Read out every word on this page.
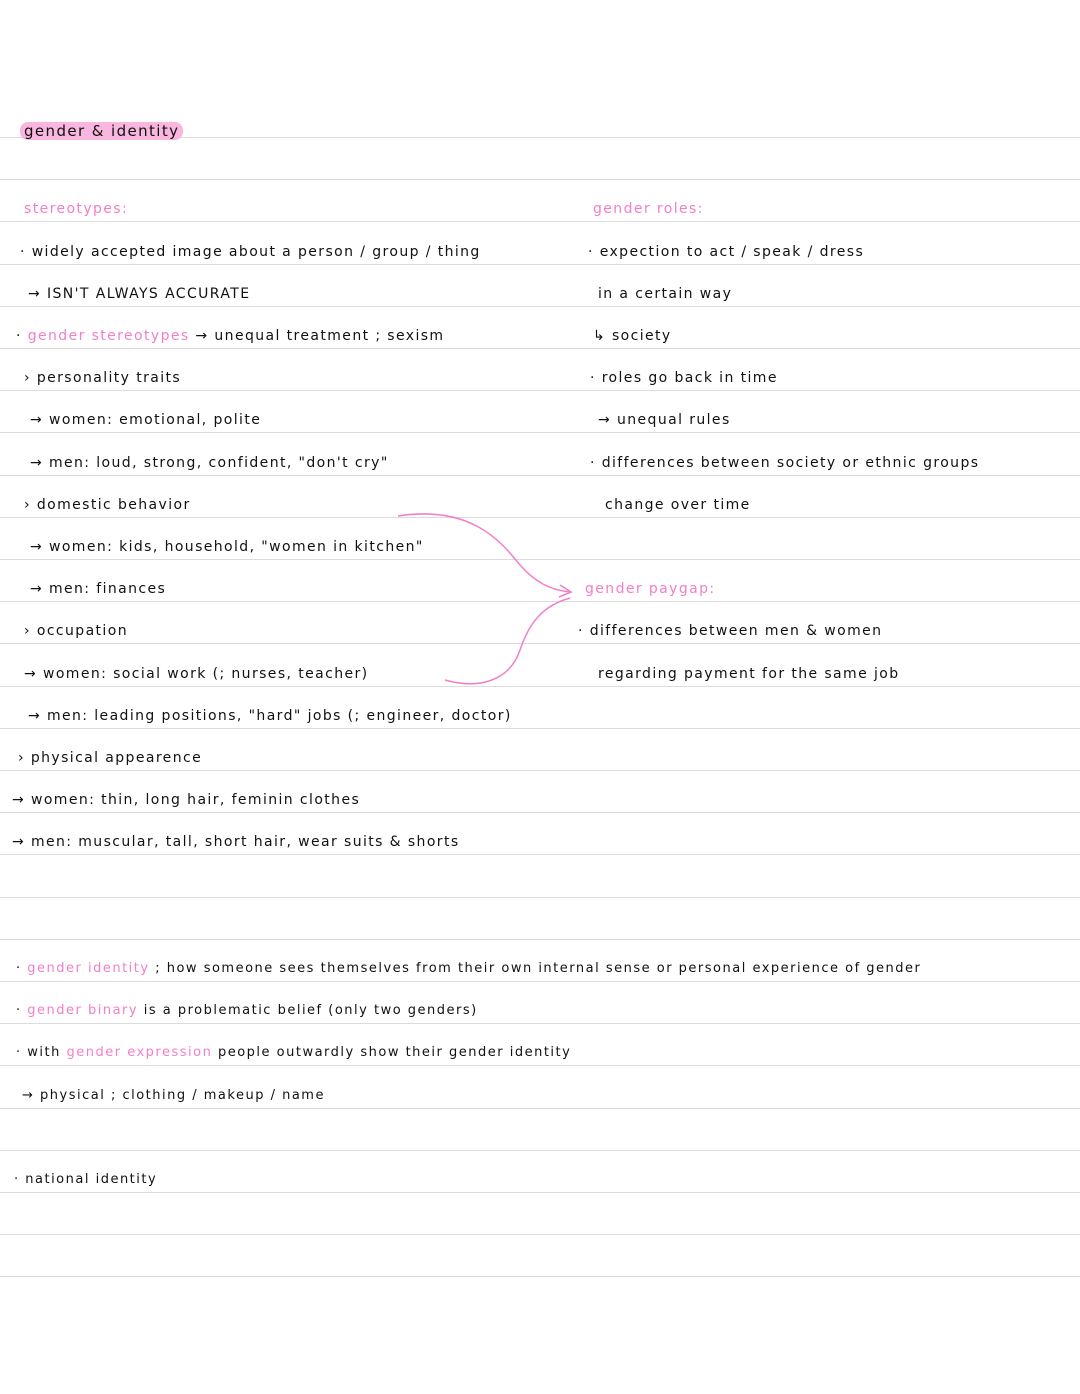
gender & identity
stereotypes:
· widely accepted image about a person / group / thing
→ ISN'T ALWAYS ACCURATE
· gender stereotypes → unequal treatment ; sexism
› personality traits
→ women: emotional, polite
→ men: loud, strong, confident, "don't cry"
› domestic behavior
→ women: kids, household, "women in kitchen"
→ men: finances
› occupation
→ women: social work (; nurses, teacher)
→ men: leading positions, "hard" jobs (; engineer, doctor)
› physical appearence
→ women: thin, long hair, feminin clothes
→ men: muscular, tall, short hair, wear suits & shorts
gender roles:
· expection to act / speak / dress
in a certain way
↳ society
· roles go back in time
→ unequal rules
· differences between society or ethnic groups
change over time
gender paygap:
· differences between men & women
regarding payment for the same job
· gender identity ; how someone sees themselves from their own internal sense or personal experience of gender
· gender binary is a problematic belief (only two genders)
· with gender expression people outwardly show their gender identity
→ physical ; clothing / makeup / name
· national identity
